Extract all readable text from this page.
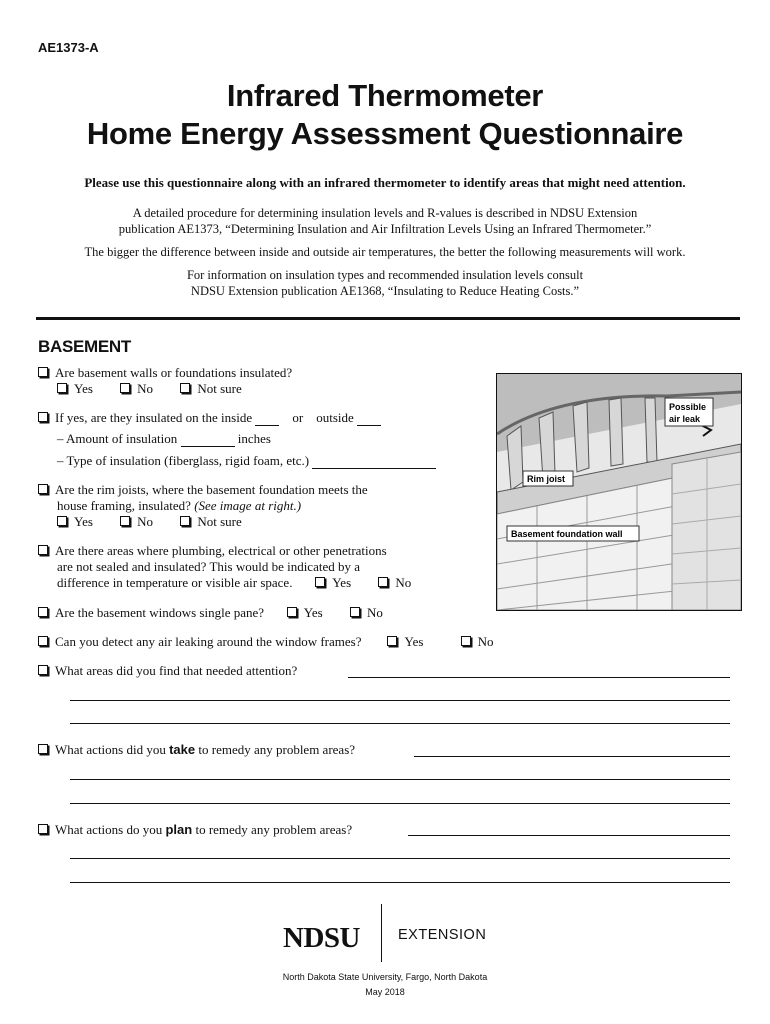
AE1373-A
Infrared Thermometer
Home Energy Assessment Questionnaire
Please use this questionnaire along with an infrared thermometer to identify areas that might need attention.
A detailed procedure for determining insulation levels and R-values is described in NDSU Extension
publication AE1373, “Determining Insulation and Air Infiltration Levels Using an Infrared Thermometer.”
The bigger the difference between inside and outside air temperatures, the better the following measurements will work.
For information on insulation types and recommended insulation levels consult
NDSU Extension publication AE1368, “Insulating to Reduce Heating Costs.”
BASEMENT
Are basement walls or foundations insulated?
Yes	No	Not sure
If yes, are they insulated on the inside	or outside
– Amount of insulation	inches
– Type of insulation (fiberglass, rigid foam, etc.)
Are the rim joists, where the basement foundation meets the
house framing, insulated? (See image at right.)
Yes	No	Not sure
Are there areas where plumbing, electrical or other penetrations
are not sealed and insulated? This would be indicated by a
difference in temperature or visible air space.	Yes	No
Are the basement windows single pane?	Yes	No
Can you detect any air leaking around the window frames?	Yes	No
What areas did you find that needed attention?
What actions did you take to remedy any problem areas?
What actions do you plan to remedy any problem areas?
Possible
air leak
Rim joist
Basement foundation wall
NDSU	EXTENSION
North Dakota State University, Fargo, North Dakota
May 2018
